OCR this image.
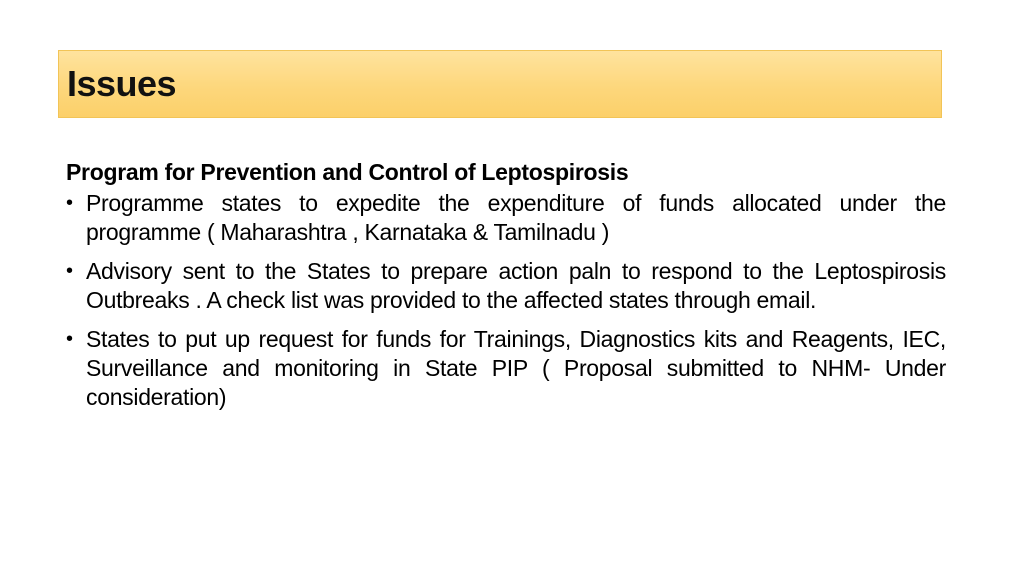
Issues
Program for Prevention and Control of Leptospirosis
• Programme states to expedite the expenditure of funds allocated under the programme ( Maharashtra , Karnataka & Tamilnadu )
• Advisory sent to the States to prepare action paln to respond to the Leptospirosis Outbreaks . A check list was provided to the affected states through email.
• States to put up request for funds for Trainings, Diagnostics kits and Reagents, IEC, Surveillance and monitoring in State PIP ( Proposal submitted to NHM- Under consideration)
